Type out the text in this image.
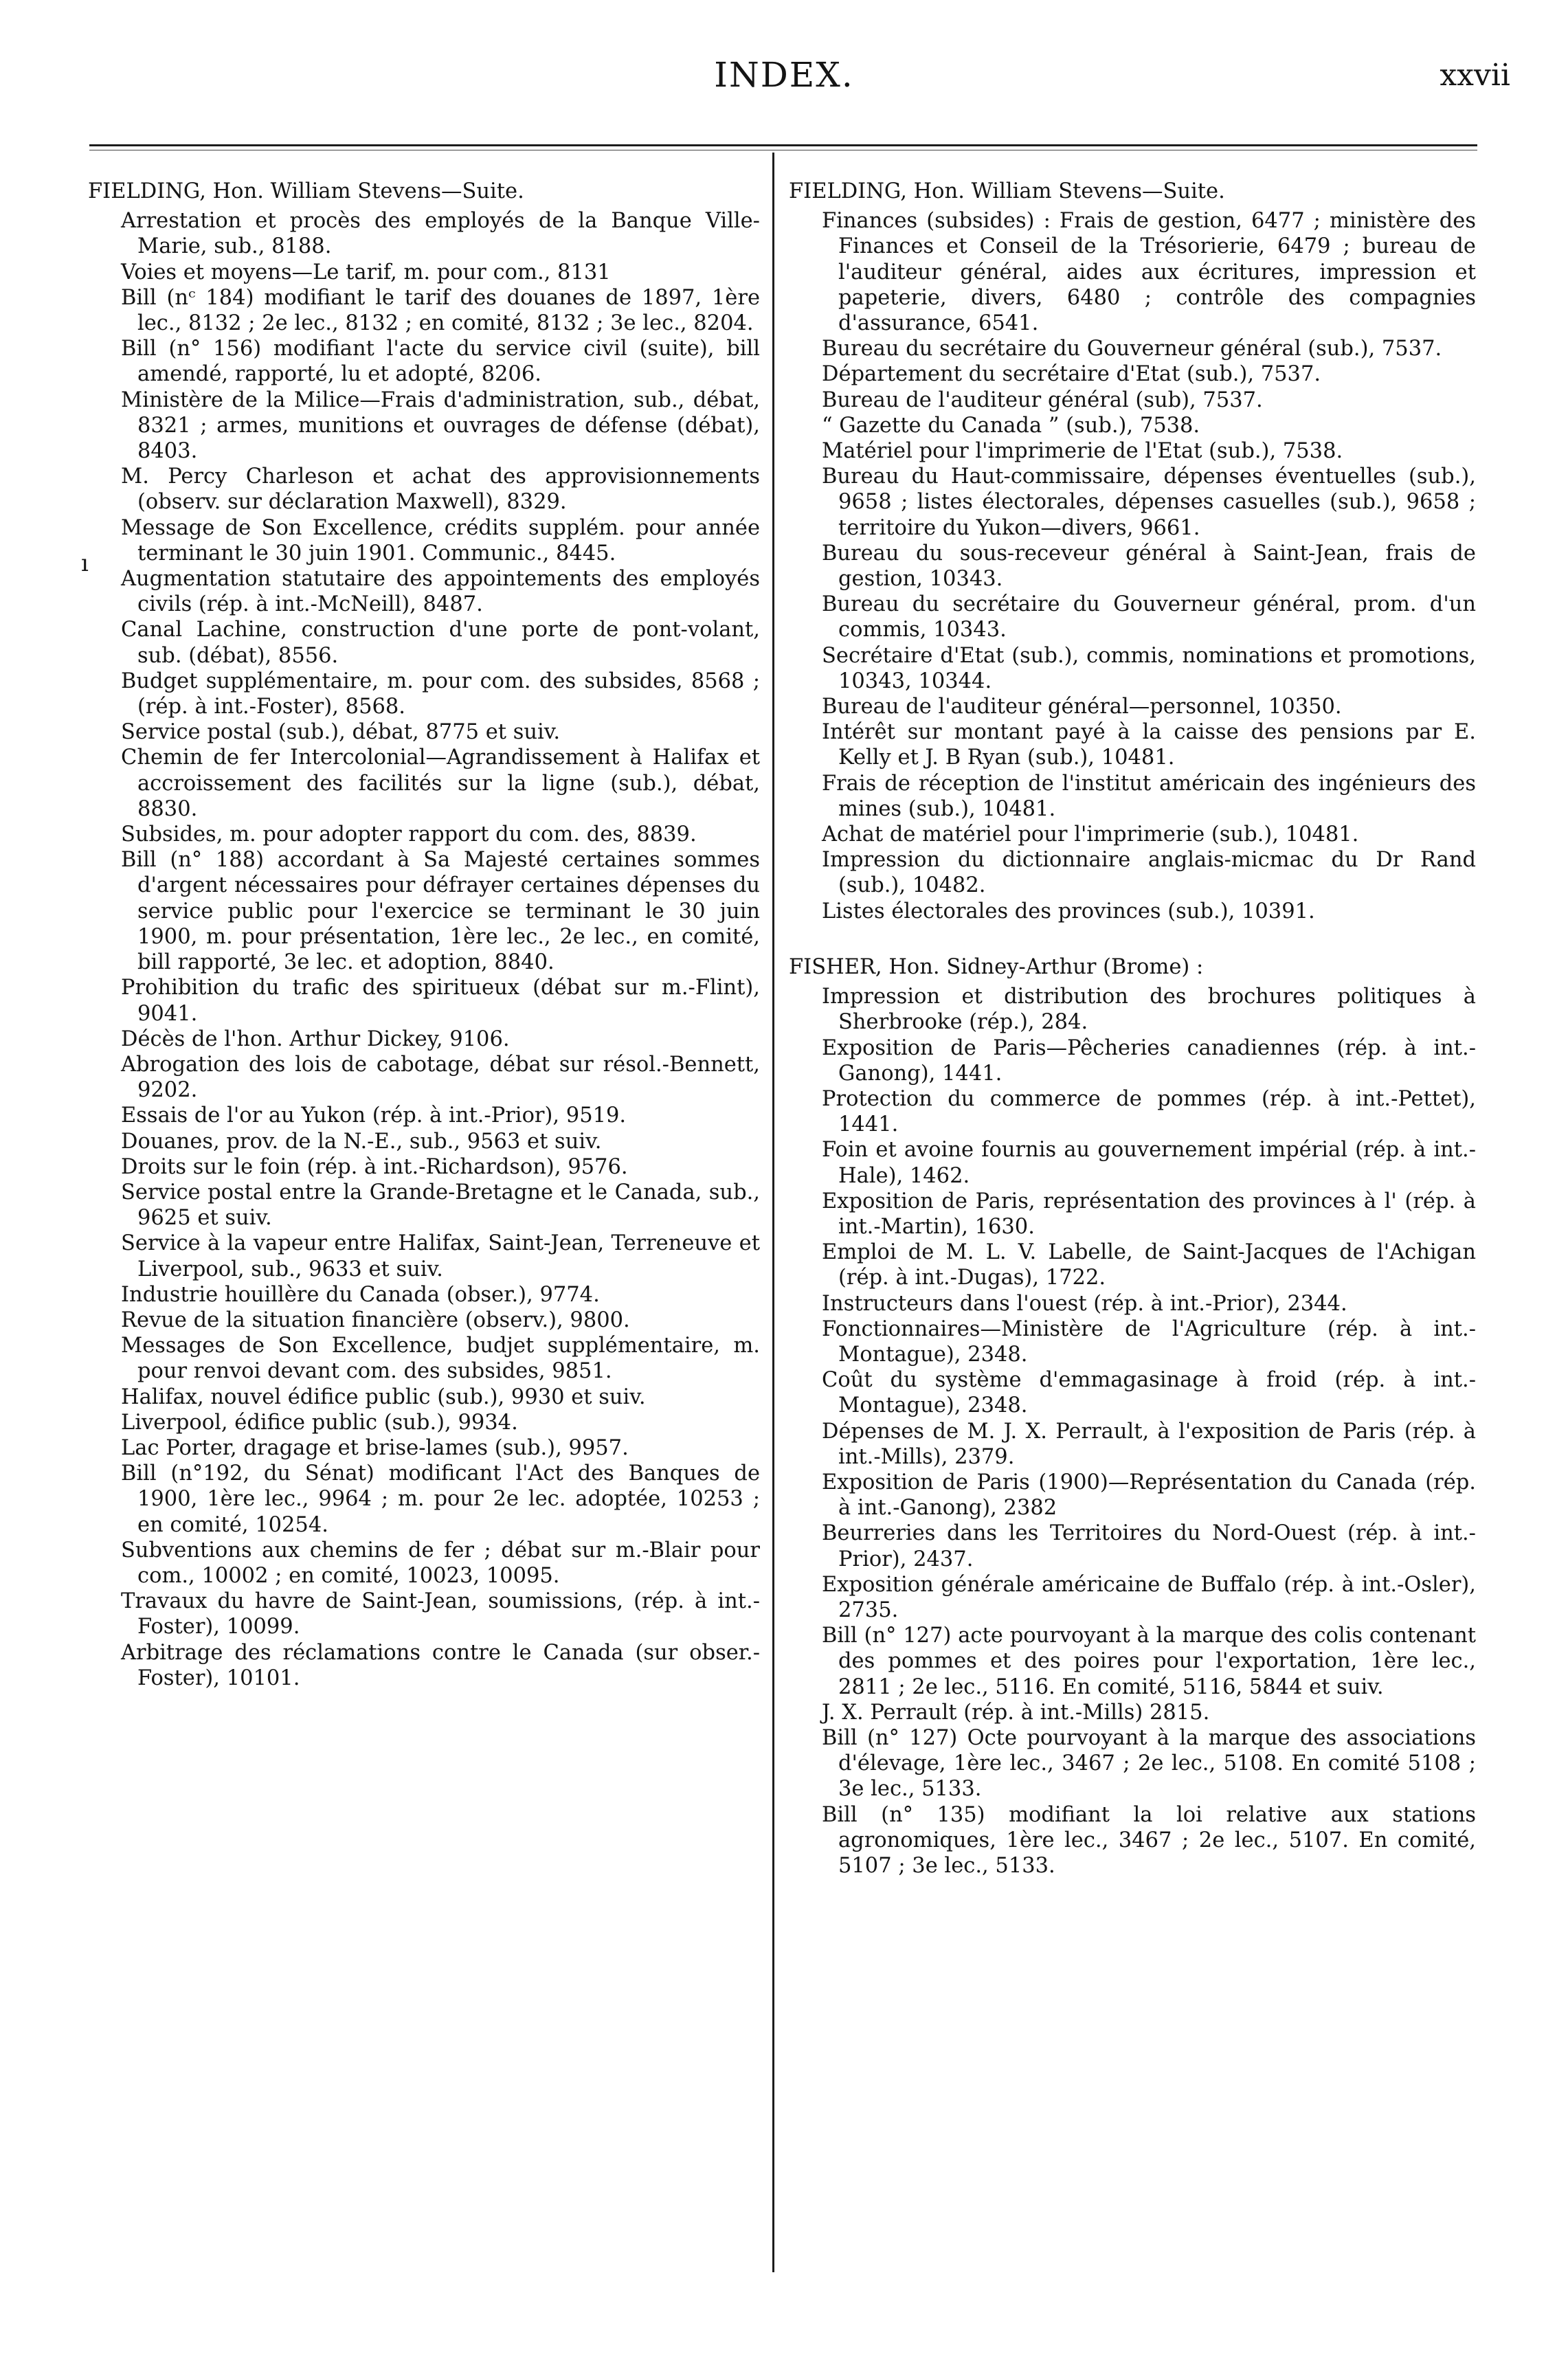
INDEX.	xxvii
ı
FIELDING, Hon. William Stevens—Suite.

Arrestation et procès des employés de la Banque Ville-Marie, sub., 8188.

Voies et moyens—Le tarif, m. pour com., 8131

Bill (nᶜ 184) modifiant le tarif des douanes de 1897, 1ère lec., 8132 ; 2e lec., 8132 ; en comité, 8132 ; 3e lec., 8204.

Bill (n° 156) modifiant l'acte du service civil (suite), bill amendé, rapporté, lu et adopté, 8206.

Ministère de la Milice—Frais d'administration, sub., débat, 8321 ; armes, munitions et ouvrages de défense (débat), 8403.

M. Percy Charleson et achat des approvisionnements (observ. sur déclaration Maxwell), 8329.

Message de Son Excellence, crédits supplém. pour année terminant le 30 juin 1901. Communic., 8445.

Augmentation statutaire des appointements des employés civils (rép. à int.-McNeill), 8487.

Canal Lachine, construction d'une porte de pont-volant, sub. (débat), 8556.

Budget supplémentaire, m. pour com. des subsides, 8568 ; (rép. à int.-Foster), 8568.

Service postal (sub.), débat, 8775 et suiv.

Chemin de fer Intercolonial—Agrandissement à Halifax et accroissement des facilités sur la ligne (sub.), débat, 8830.

Subsides, m. pour adopter rapport du com. des, 8839.

Bill (n° 188) accordant à Sa Majesté certaines sommes d'argent nécessaires pour défrayer certaines dépenses du service public pour l'exercice se terminant le 30 juin 1900, m. pour présentation, 1ère lec., 2e lec., en comité, bill rapporté, 3e lec. et adoption, 8840.

Prohibition du trafic des spiritueux (débat sur m.-Flint), 9041.

Décès de l'hon. Arthur Dickey, 9106.

Abrogation des lois de cabotage, débat sur résol.-Bennett, 9202.

Essais de l'or au Yukon (rép. à int.-Prior), 9519.

Douanes, prov. de la N.-E., sub., 9563 et suiv.

Droits sur le foin (rép. à int.-Richardson), 9576.

Service postal entre la Grande-Bretagne et le Canada, sub., 9625 et suiv.

Service à la vapeur entre Halifax, Saint-Jean, Terreneuve et Liverpool, sub., 9633 et suiv.

Industrie houillère du Canada (obser.), 9774.

Revue de la situation financière (observ.), 9800.

Messages de Son Excellence, budjet supplémentaire, m. pour renvoi devant com. des subsides, 9851.

Halifax, nouvel édifice public (sub.), 9930 et suiv.

Liverpool, édifice public (sub.), 9934.

Lac Porter, dragage et brise-lames (sub.), 9957.

Bill (n°192, du Sénat) modificant l'Act des Banques de 1900, 1ère lec., 9964 ; m. pour 2e lec. adoptée, 10253 ; en comité, 10254.

Subventions aux chemins de fer ; débat sur m.-Blair pour com., 10002 ; en comité, 10023, 10095.

Travaux du havre de Saint-Jean, soumissions, (rép. à int.-Foster), 10099.

Arbitrage des réclamations contre le Canada (sur obser.-Foster), 10101.

FIELDING, Hon. William Stevens—Suite.

Finances (subsides) : Frais de gestion, 6477 ; ministère des Finances et Conseil de la Trésorierie, 6479 ; bureau de l'auditeur général, aides aux écritures, impression et papeterie, divers, 6480 ; contrôle des compagnies d'assurance, 6541.

Bureau du secrétaire du Gouverneur général (sub.), 7537.

Département du secrétaire d'Etat (sub.), 7537.

Bureau de l'auditeur général (sub), 7537.

“ Gazette du Canada ” (sub.), 7538.

Matériel pour l'imprimerie de l'Etat (sub.), 7538.

Bureau du Haut-commissaire, dépenses éventuelles (sub.), 9658 ; listes électorales, dépenses casuelles (sub.), 9658 ; territoire du Yukon—divers, 9661.

Bureau du sous-receveur général à Saint-Jean, frais de gestion, 10343.

Bureau du secrétaire du Gouverneur général, prom. d'un commis, 10343.

Secrétaire d'Etat (sub.), commis, nominations et promotions, 10343, 10344.

Bureau de l'auditeur général—personnel, 10350.

Intérêt sur montant payé à la caisse des pensions par E. Kelly et J. B Ryan (sub.), 10481.

Frais de réception de l'institut américain des ingénieurs des mines (sub.), 10481.

Achat de matériel pour l'imprimerie (sub.), 10481.

Impression du dictionnaire anglais-micmac du Dr Rand (sub.), 10482.

Listes électorales des provinces (sub.), 10391.

FISHER, Hon. Sidney-Arthur (Brome) :

Impression et distribution des brochures politiques à Sherbrooke (rép.), 284.

Exposition de Paris—Pêcheries canadiennes (rép. à int.-Ganong), 1441.

Protection du commerce de pommes (rép. à int.-Pettet), 1441.

Foin et avoine fournis au gouvernement impérial (rép. à int.-Hale), 1462.

Exposition de Paris, représentation des provinces à l' (rép. à int.-Martin), 1630.

Emploi de M. L. V. Labelle, de Saint-Jacques de l'Achigan (rép. à int.-Dugas), 1722.

Instructeurs dans l'ouest (rép. à int.-Prior), 2344.

Fonctionnaires—Ministère de l'Agriculture (rép. à int.-Montague), 2348.

Coût du système d'emmagasinage à froid (rép. à int.-Montague), 2348.

Dépenses de M. J. X. Perrault, à l'exposition de Paris (rép. à int.-Mills), 2379.

Exposition de Paris (1900)—Représentation du Canada (rép. à int.-Ganong), 2382

Beurreries dans les Territoires du Nord-Ouest (rép. à int.-Prior), 2437.

Exposition générale américaine de Buffalo (rép. à int.-Osler), 2735.

Bill (n° 127) acte pourvoyant à la marque des colis contenant des pommes et des poires pour l'exportation, 1ère lec., 2811 ; 2e lec., 5116. En comité, 5116, 5844 et suiv.

J. X. Perrault (rép. à int.-Mills) 2815.

Bill (n° 127) Octe pourvoyant à la marque des associations d'élevage, 1ère lec., 3467 ; 2e lec., 5108. En comité 5108 ; 3e lec., 5133.

Bill (n° 135) modifiant la loi relative aux stations agronomiques, 1ère lec., 3467 ; 2e lec., 5107. En comité, 5107 ; 3e lec., 5133.
